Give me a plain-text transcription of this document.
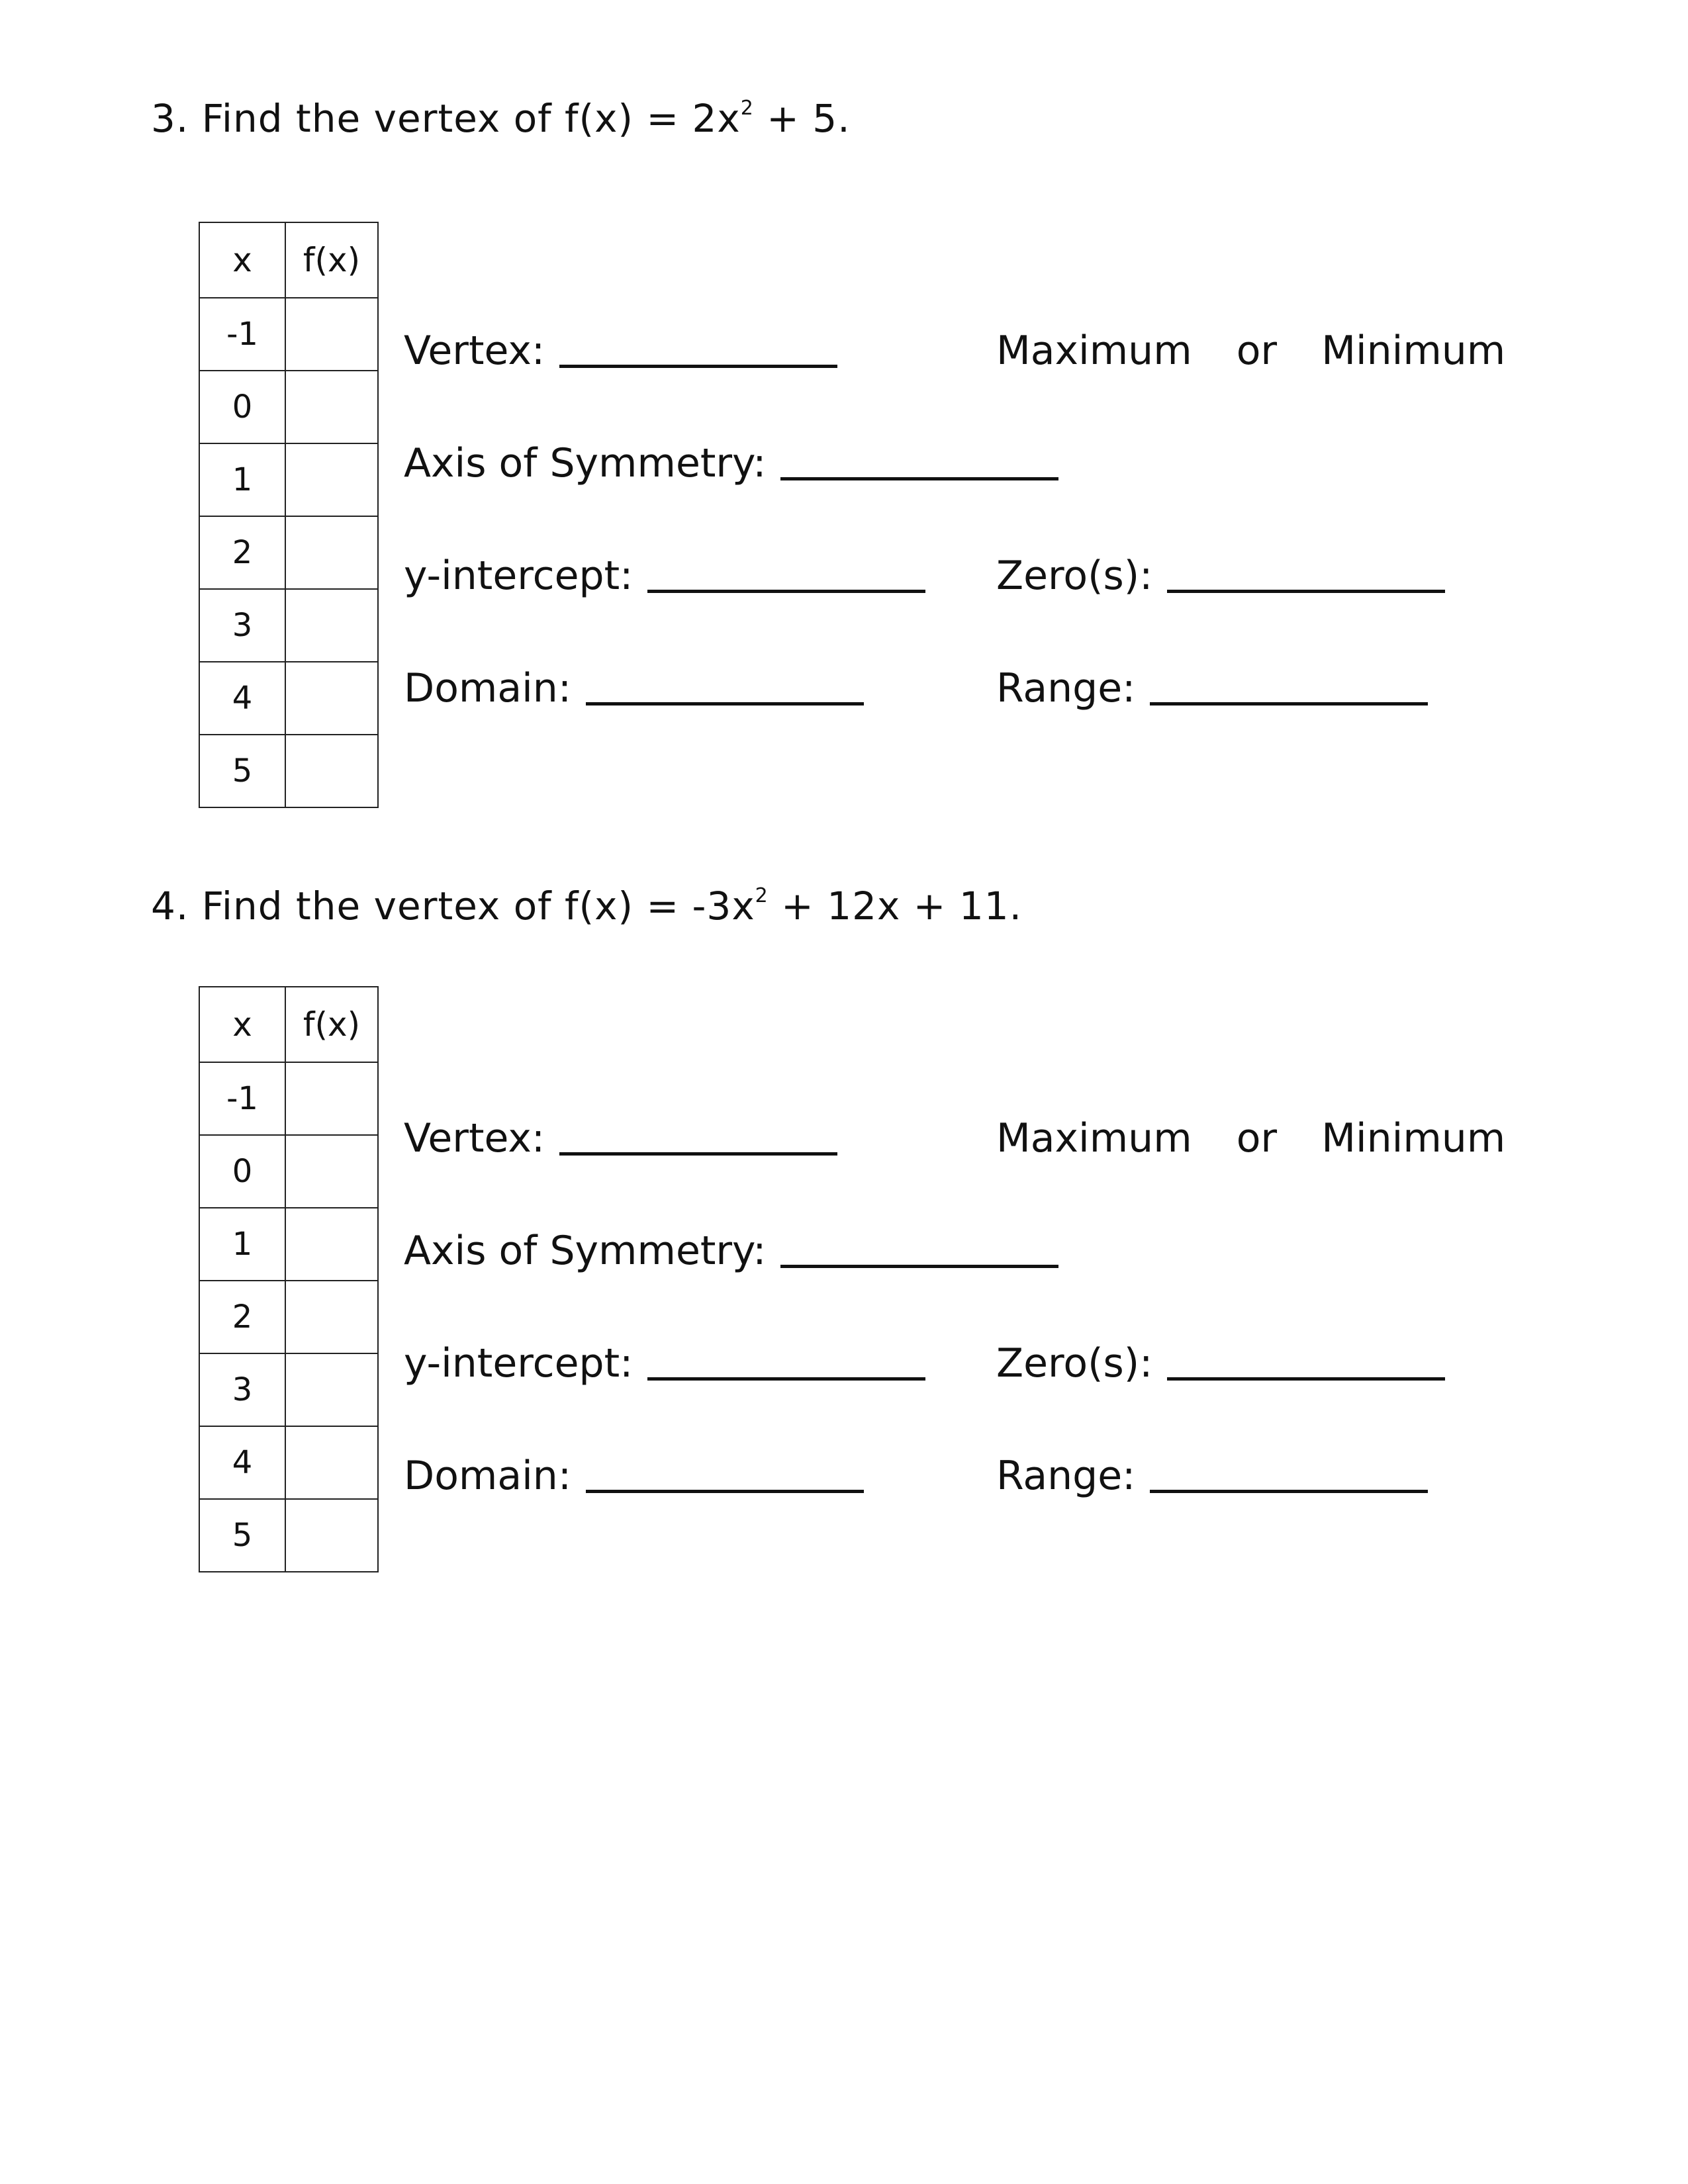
3. Find the vertex of $f(x) = 2x^2 + 5$.
x	f(x)
-1	
0	
1	
2	
3	
4	
5	
Vertex:	Maximum or Minimum
Axis of Symmetry:
y-intercept:	Zero(s):
Domain:	Range:
4. Find the vertex of $f(x) = -3x^2 + 12x + 11$.
x	f(x)
-1	
0	
1	
2	
3	
4	
5	
Vertex:	Maximum or Minimum
Axis of Symmetry:
y-intercept:	Zero(s):
Domain:	Range:
